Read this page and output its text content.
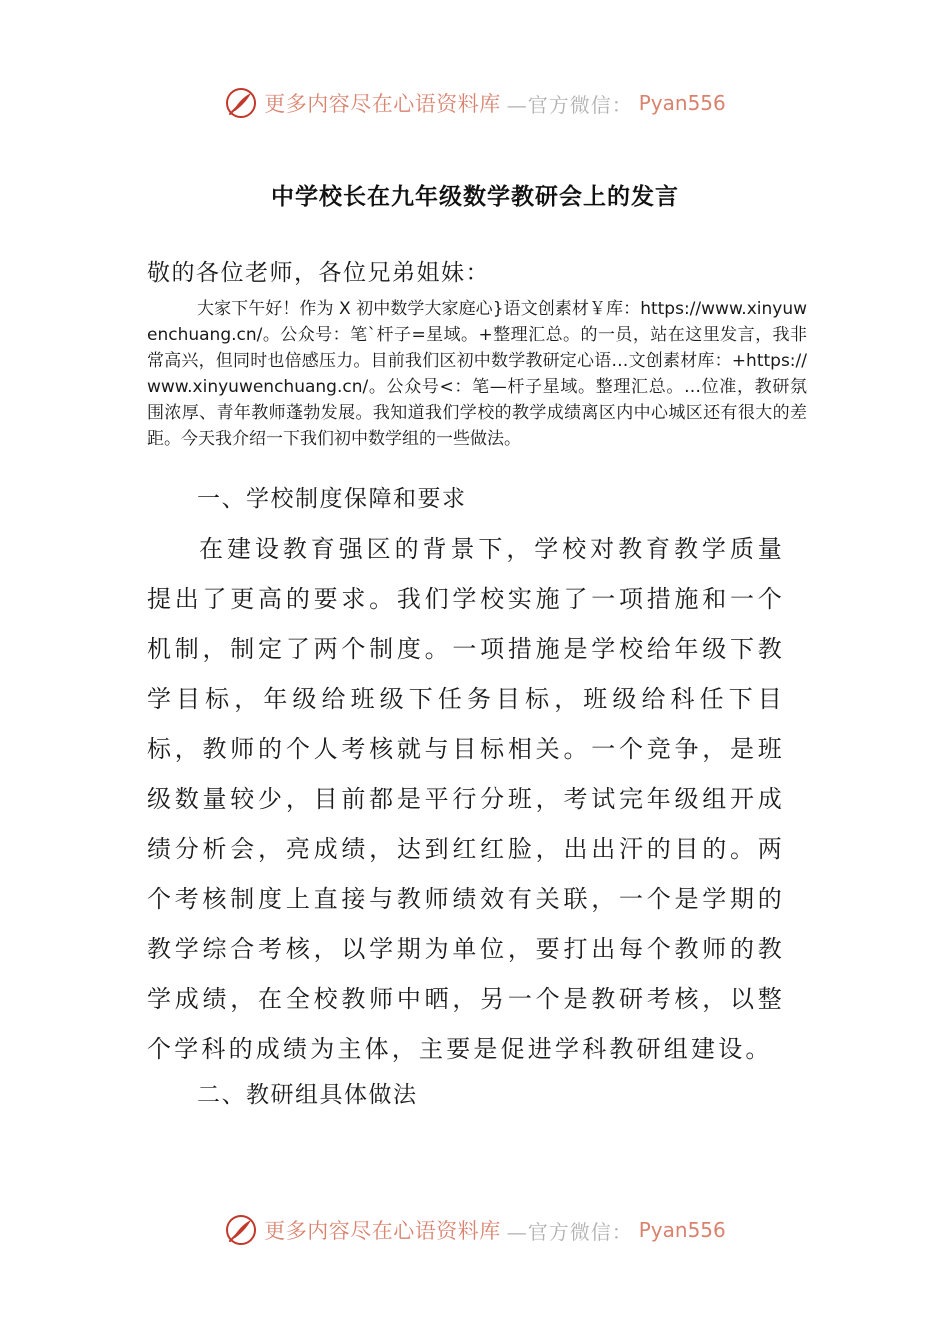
更多内容尽在心语资料库 —官方微信： Pyan556
中学校长在九年级数学教研会上的发言
敬的各位老师，各位兄弟姐妹：
大家下午好！作为 X 初中数学大家庭心}语文创素材￥库：https://www.xinyuwenchuang.cn/。公众号：笔`杆子=星域。+整理汇总。的一员，站在这里发言，我非常高兴，但同时也倍感压力。目前我们区初中数学教研定心语…文创素材库：+https://www.xinyuwenchuang.cn/。公众号<：笔—杆子星域。整理汇总。…位准，教研氛围浓厚、青年教师蓬勃发展。我知道我们学校的教学成绩离区内中心城区还有很大的差距。今天我介绍一下我们初中数学组的一些做法。
一、学校制度保障和要求
在建设教育强区的背景下，学校对教育教学质量提出了更高的要求。我们学校实施了一项措施和一个机制，制定了两个制度。一项措施是学校给年级下教学目标，年级给班级下任务目标，班级给科任下目标，教师的个人考核就与目标相关。一个竞争，是班级数量较少，目前都是平行分班，考试完年级组开成绩分析会，亮成绩，达到红红脸，出出汗的目的。两个考核制度上直接与教师绩效有关联，一个是学期的教学综合考核，以学期为单位，要打出每个教师的教学成绩，在全校教师中晒，另一个是教研考核，以整个学科的成绩为主体，主要是促进学科教研组建设。
二、教研组具体做法
更多内容尽在心语资料库 —官方微信： Pyan556
